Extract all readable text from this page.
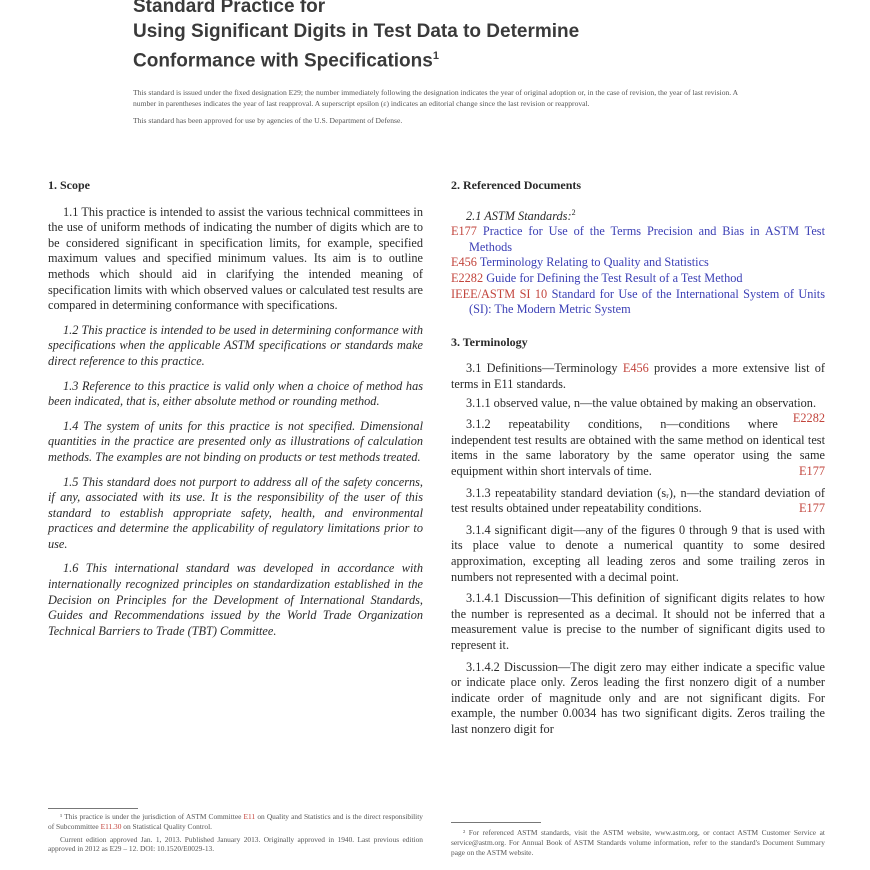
Standard Practice for
Using Significant Digits in Test Data to Determine
Conformance with Specifications$^1$

This standard is issued under the fixed designation E29; the number immediately following the designation indicates the year of original adoption or, in the case of revision, the year of last revision. A number in parentheses indicates the year of last reapproval. A superscript epsilon (ε) indicates an editorial change since the last revision or reapproval.

This standard has been approved for use by agencies of the U.S. Department of Defense.

1. Scope

1.1 This practice is intended to assist the various technical committees in the use of uniform methods of indicating the number of digits which are to be considered significant in specification limits, for example, specified maximum values and specified minimum values. Its aim is to outline methods which should aid in clarifying the intended meaning of specification limits with which observed values or calculated test results are compared in determining conformance with specifications.

1.2 This practice is intended to be used in determining conformance with specifications when the applicable ASTM specifications or standards make direct reference to this practice.

1.3 Reference to this practice is valid only when a choice of method has been indicated, that is, either absolute method or rounding method.

1.4 The system of units for this practice is not specified. Dimensional quantities in the practice are presented only as illustrations of calculation methods. The examples are not binding on products or test methods treated.

1.5 This standard does not purport to address all of the safety concerns, if any, associated with its use. It is the responsibility of the user of this standard to establish appropriate safety, health, and environmental practices and determine the applicability of regulatory limitations prior to use.

1.6 This international standard was developed in accordance with internationally recognized principles on standardization established in the Decision on Principles for the Development of International Standards, Guides and Recommendations issued by the World Trade Organization Technical Barriers to Trade (TBT) Committee.

2. Referenced Documents

2.1 ASTM Standards:$^2$

E177 Practice for Use of the Terms Precision and Bias in ASTM Test Methods

E456 Terminology Relating to Quality and Statistics

E2282 Guide for Defining the Test Result of a Test Method

IEEE/ASTM SI 10 Standard for Use of the International System of Units (SI): The Modern Metric System

3. Terminology

3.1 Definitions—Terminology E456 provides a more extensive list of terms in E11 standards.

3.1.1 observed value, n—the value obtained by making an observation.
E2282

3.1.2 repeatability conditions, n—conditions where independent test results are obtained with the same method on identical test items in the same laboratory by the same operator using the same equipment within short intervals of time.	E177

3.1.3 repeatability standard deviation (sᵣ), n—the standard deviation of test results obtained under repeatability conditions.	E177

3.1.4 significant digit—any of the figures 0 through 9 that is used with its place value to denote a numerical quantity to some desired approximation, excepting all leading zeros and some trailing zeros in numbers not represented with a decimal point.

3.1.4.1 Discussion—This definition of significant digits relates to how the number is represented as a decimal. It should not be inferred that a measurement value is precise to the number of significant digits used to represent it.

3.1.4.2 Discussion—The digit zero may either indicate a specific value or indicate place only. Zeros leading the first nonzero digit of a number indicate order of magnitude only and are not significant digits. For example, the number 0.0034 has two significant digits. Zeros trailing the last nonzero digit for

¹ This practice is under the jurisdiction of ASTM Committee E11 on Quality and Statistics and is the direct responsibility of Subcommittee E11.30 on Statistical Quality Control.
Current edition approved Jan. 1, 2013. Published January 2013. Originally approved in 1940. Last previous edition approved in 2012 as E29 – 12. DOI: 10.1520/E0029-13.
² For referenced ASTM standards, visit the ASTM website, www.astm.org, or contact ASTM Customer Service at service@astm.org. For Annual Book of ASTM Standards volume information, refer to the standard's Document Summary page on the ASTM website.
